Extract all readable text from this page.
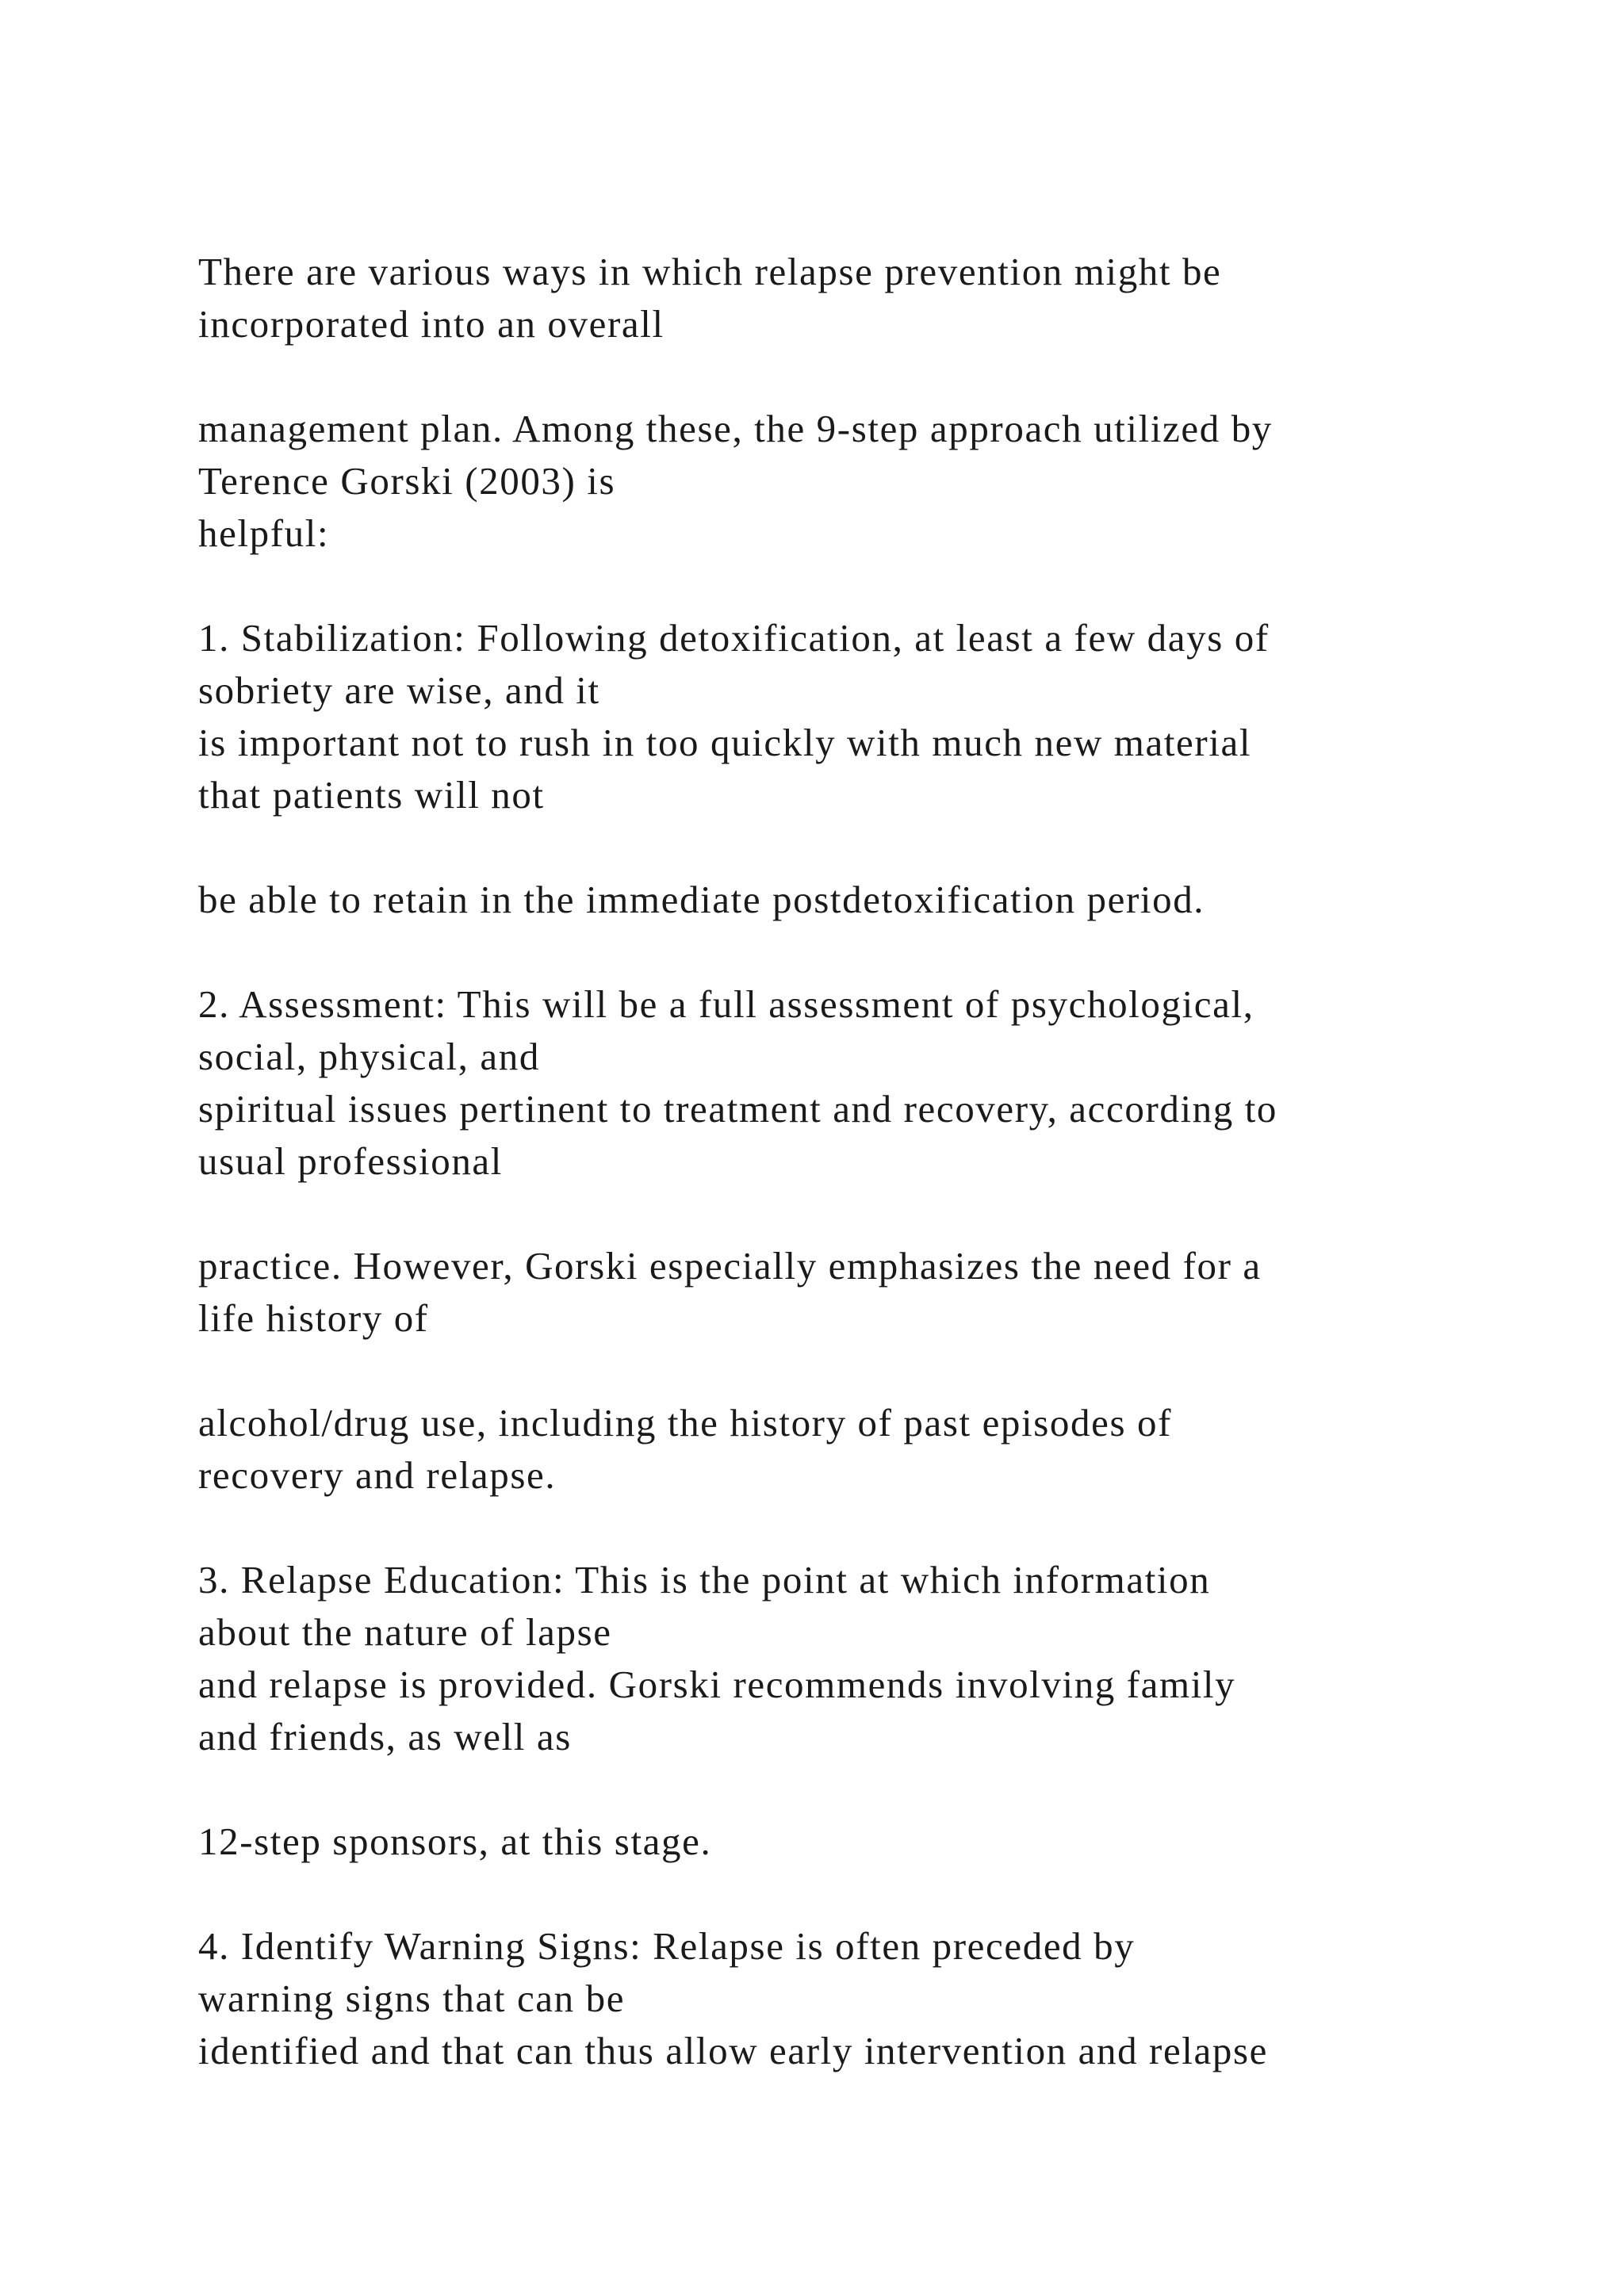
There are various ways in which relapse prevention might be
incorporated into an overall
management plan. Among these, the 9-step approach utilized by
Terence Gorski (2003) is
helpful:
1. Stabilization: Following detoxification, at least a few days of
sobriety are wise, and it
is important not to rush in too quickly with much new material
that patients will not
be able to retain in the immediate postdetoxification period.
2. Assessment: This will be a full assessment of psychological,
social, physical, and
spiritual issues pertinent to treatment and recovery, according to
usual professional
practice. However, Gorski especially emphasizes the need for a
life history of
alcohol/drug use, including the history of past episodes of
recovery and relapse.
3. Relapse Education: This is the point at which information
about the nature of lapse
and relapse is provided. Gorski recommends involving family
and friends, as well as
12-step sponsors, at this stage.
4. Identify Warning Signs: Relapse is often preceded by
warning signs that can be
identified and that can thus allow early intervention and relapse
